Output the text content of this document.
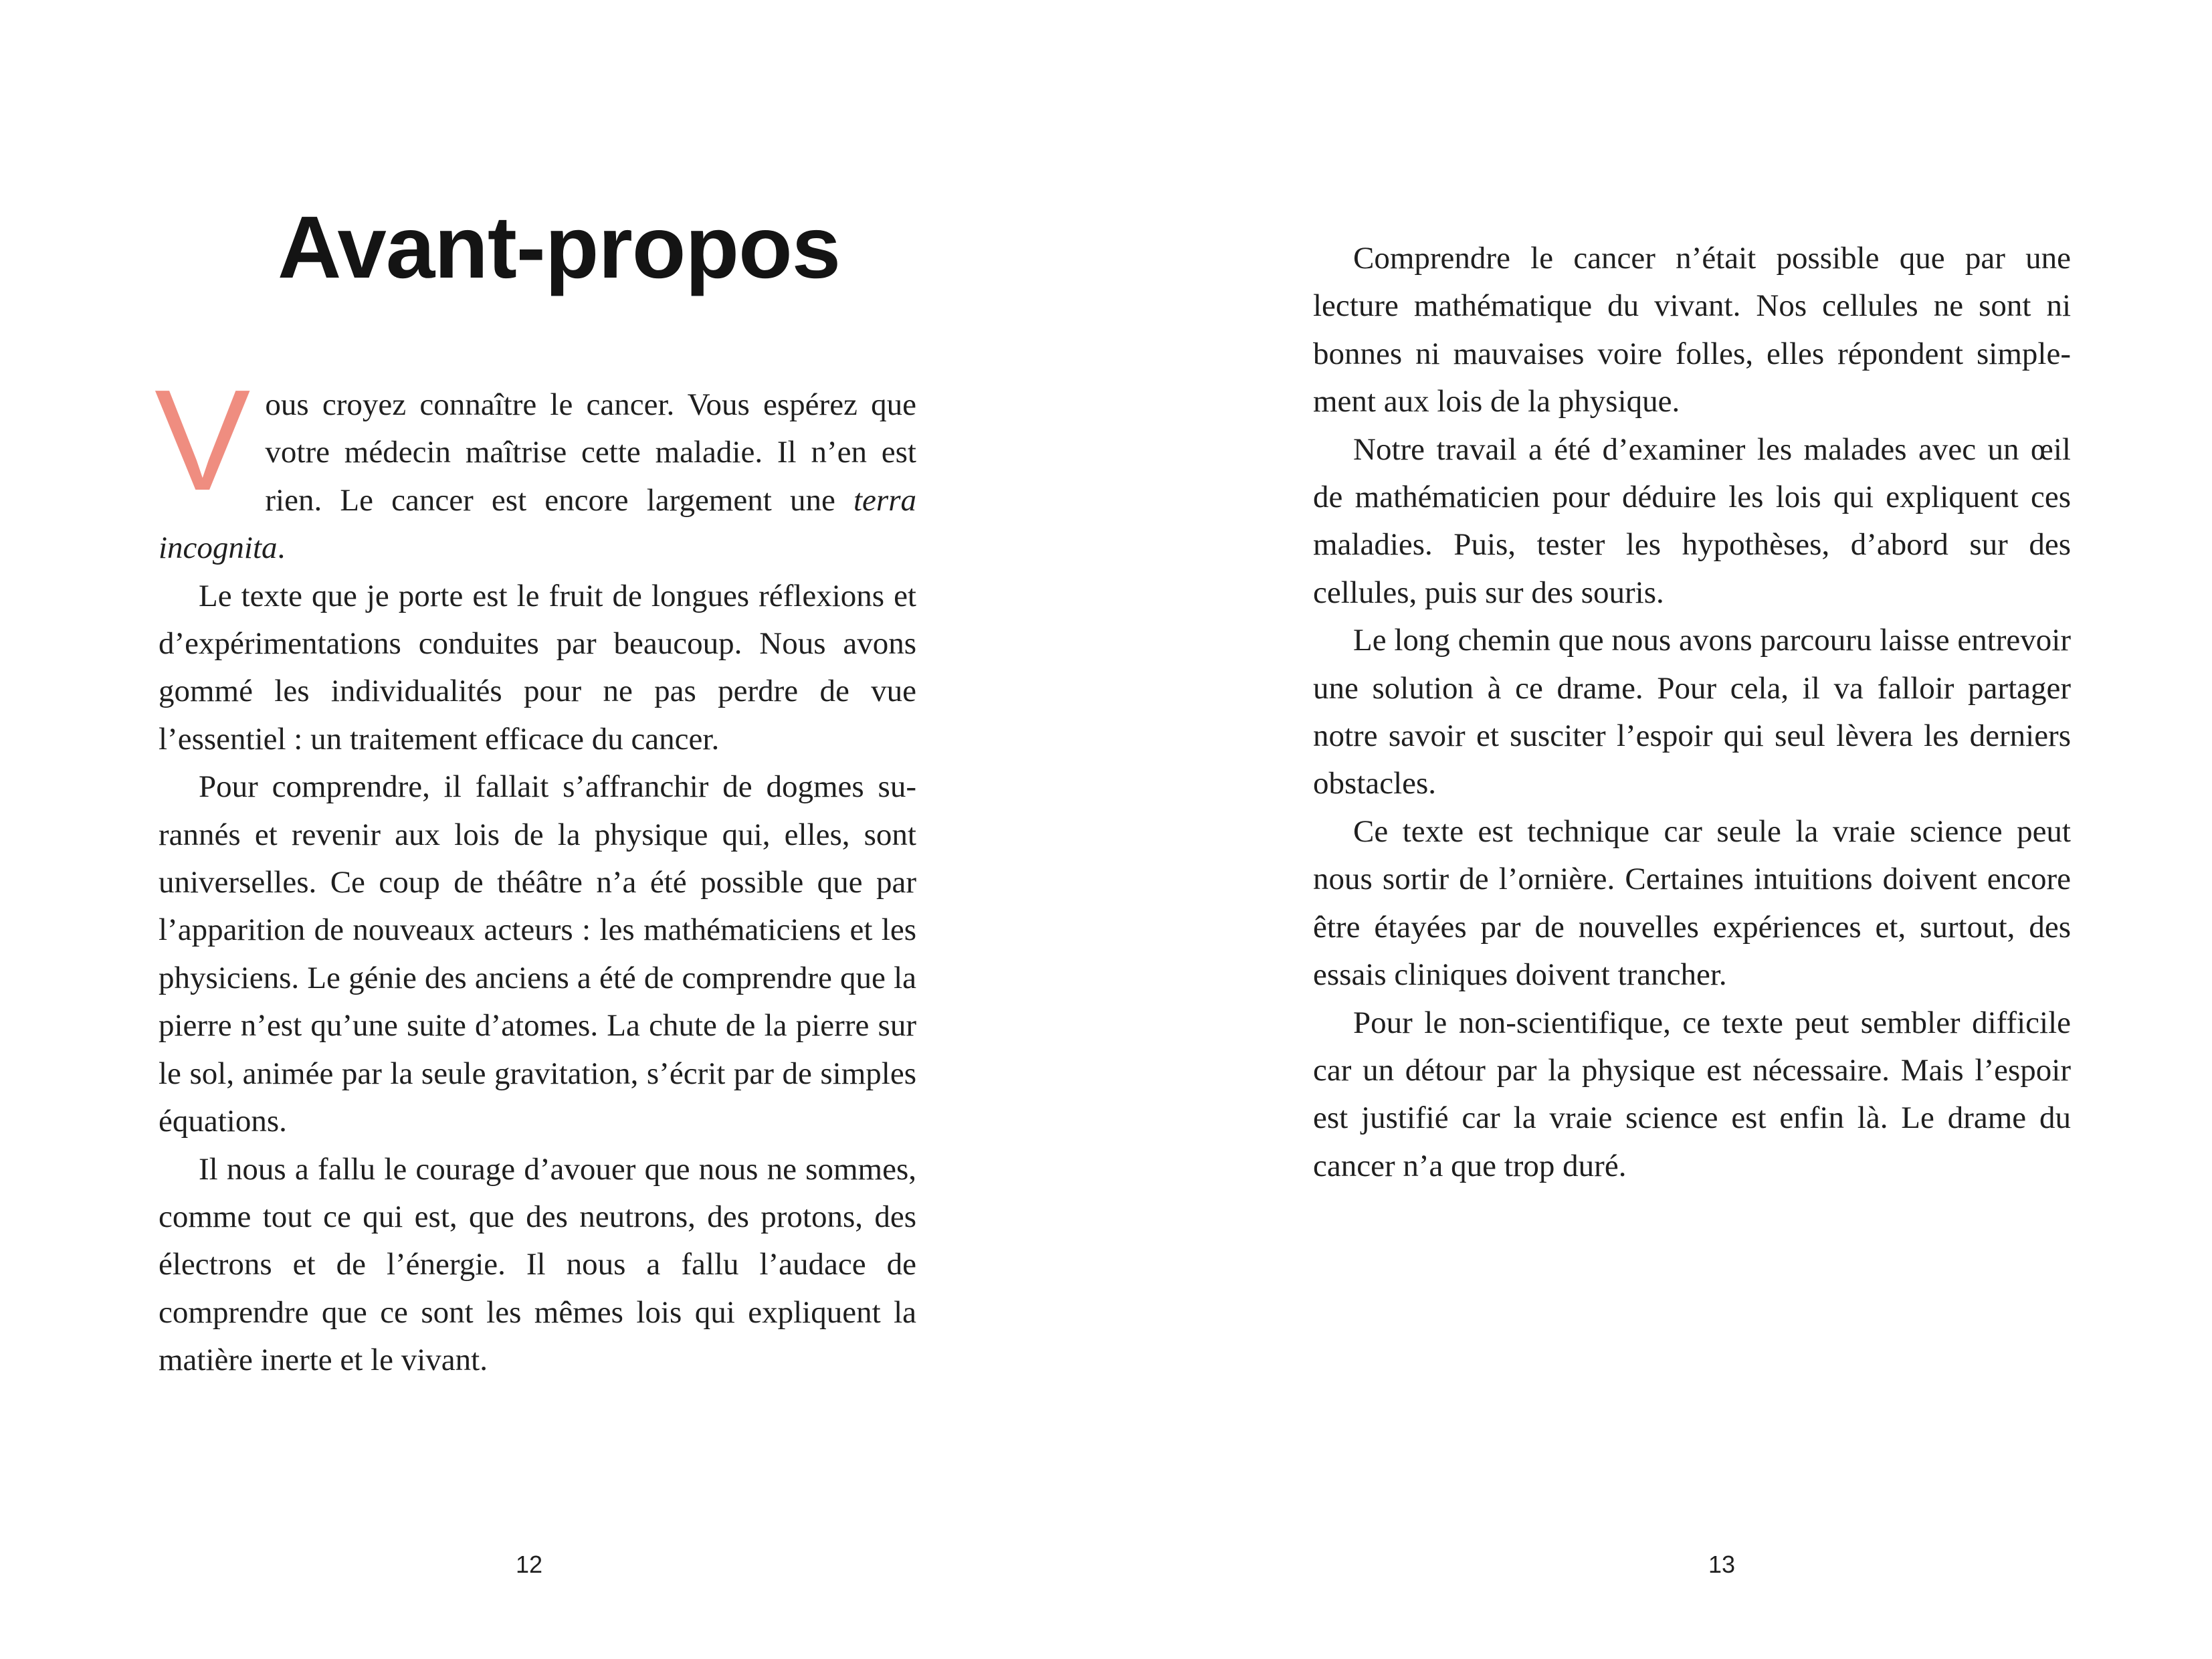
Avant-propos

Vous croyez connaître le cancer. Vous espérez que votre médecin maîtrise cette maladie. Il n’en est rien. Le cancer est encore largement une terra incognita.

Le texte que je porte est le fruit de longues réflexions et d’expérimentations conduites par beaucoup. Nous avons gommé les individualités pour ne pas perdre de vue l’essentiel : un traitement efficace du cancer.

Pour comprendre, il fallait s’affranchir de dogmes surannés et revenir aux lois de la physique qui, elles, sont universelles. Ce coup de théâtre n’a été possible que par l’apparition de nouveaux acteurs : les mathématiciens et les physiciens. Le génie des anciens a été de comprendre que la pierre n’est qu’une suite d’atomes. La chute de la pierre sur le sol, animée par la seule gravitation, s’écrit par de simples équations.

Il nous a fallu le courage d’avouer que nous ne sommes, comme tout ce qui est, que des neutrons, des protons, des électrons et de l’énergie. Il nous a fallu l’audace de comprendre que ce sont les mêmes lois qui expliquent la matière inerte et le vivant.

12

Comprendre le cancer n’était possible que par une lecture mathématique du vivant. Nos cellules ne sont ni bonnes ni mauvaises voire folles, elles répondent simplement aux lois de la physique.

Notre travail a été d’examiner les malades avec un œil de mathématicien pour déduire les lois qui expliquent ces maladies. Puis, tester les hypothèses, d’abord sur des cellules, puis sur des souris.

Le long chemin que nous avons parcouru laisse entrevoir une solution à ce drame. Pour cela, il va falloir partager notre savoir et susciter l’espoir qui seul lèvera les derniers obstacles.

Ce texte est technique car seule la vraie science peut nous sortir de l’ornière. Certaines intuitions doivent encore être étayées par de nouvelles expériences et, surtout, des essais cliniques doivent trancher.

Pour le non-scientifique, ce texte peut sembler difficile car un détour par la physique est nécessaire. Mais l’espoir est justifié car la vraie science est enfin là. Le drame du cancer n’a que trop duré.

13
